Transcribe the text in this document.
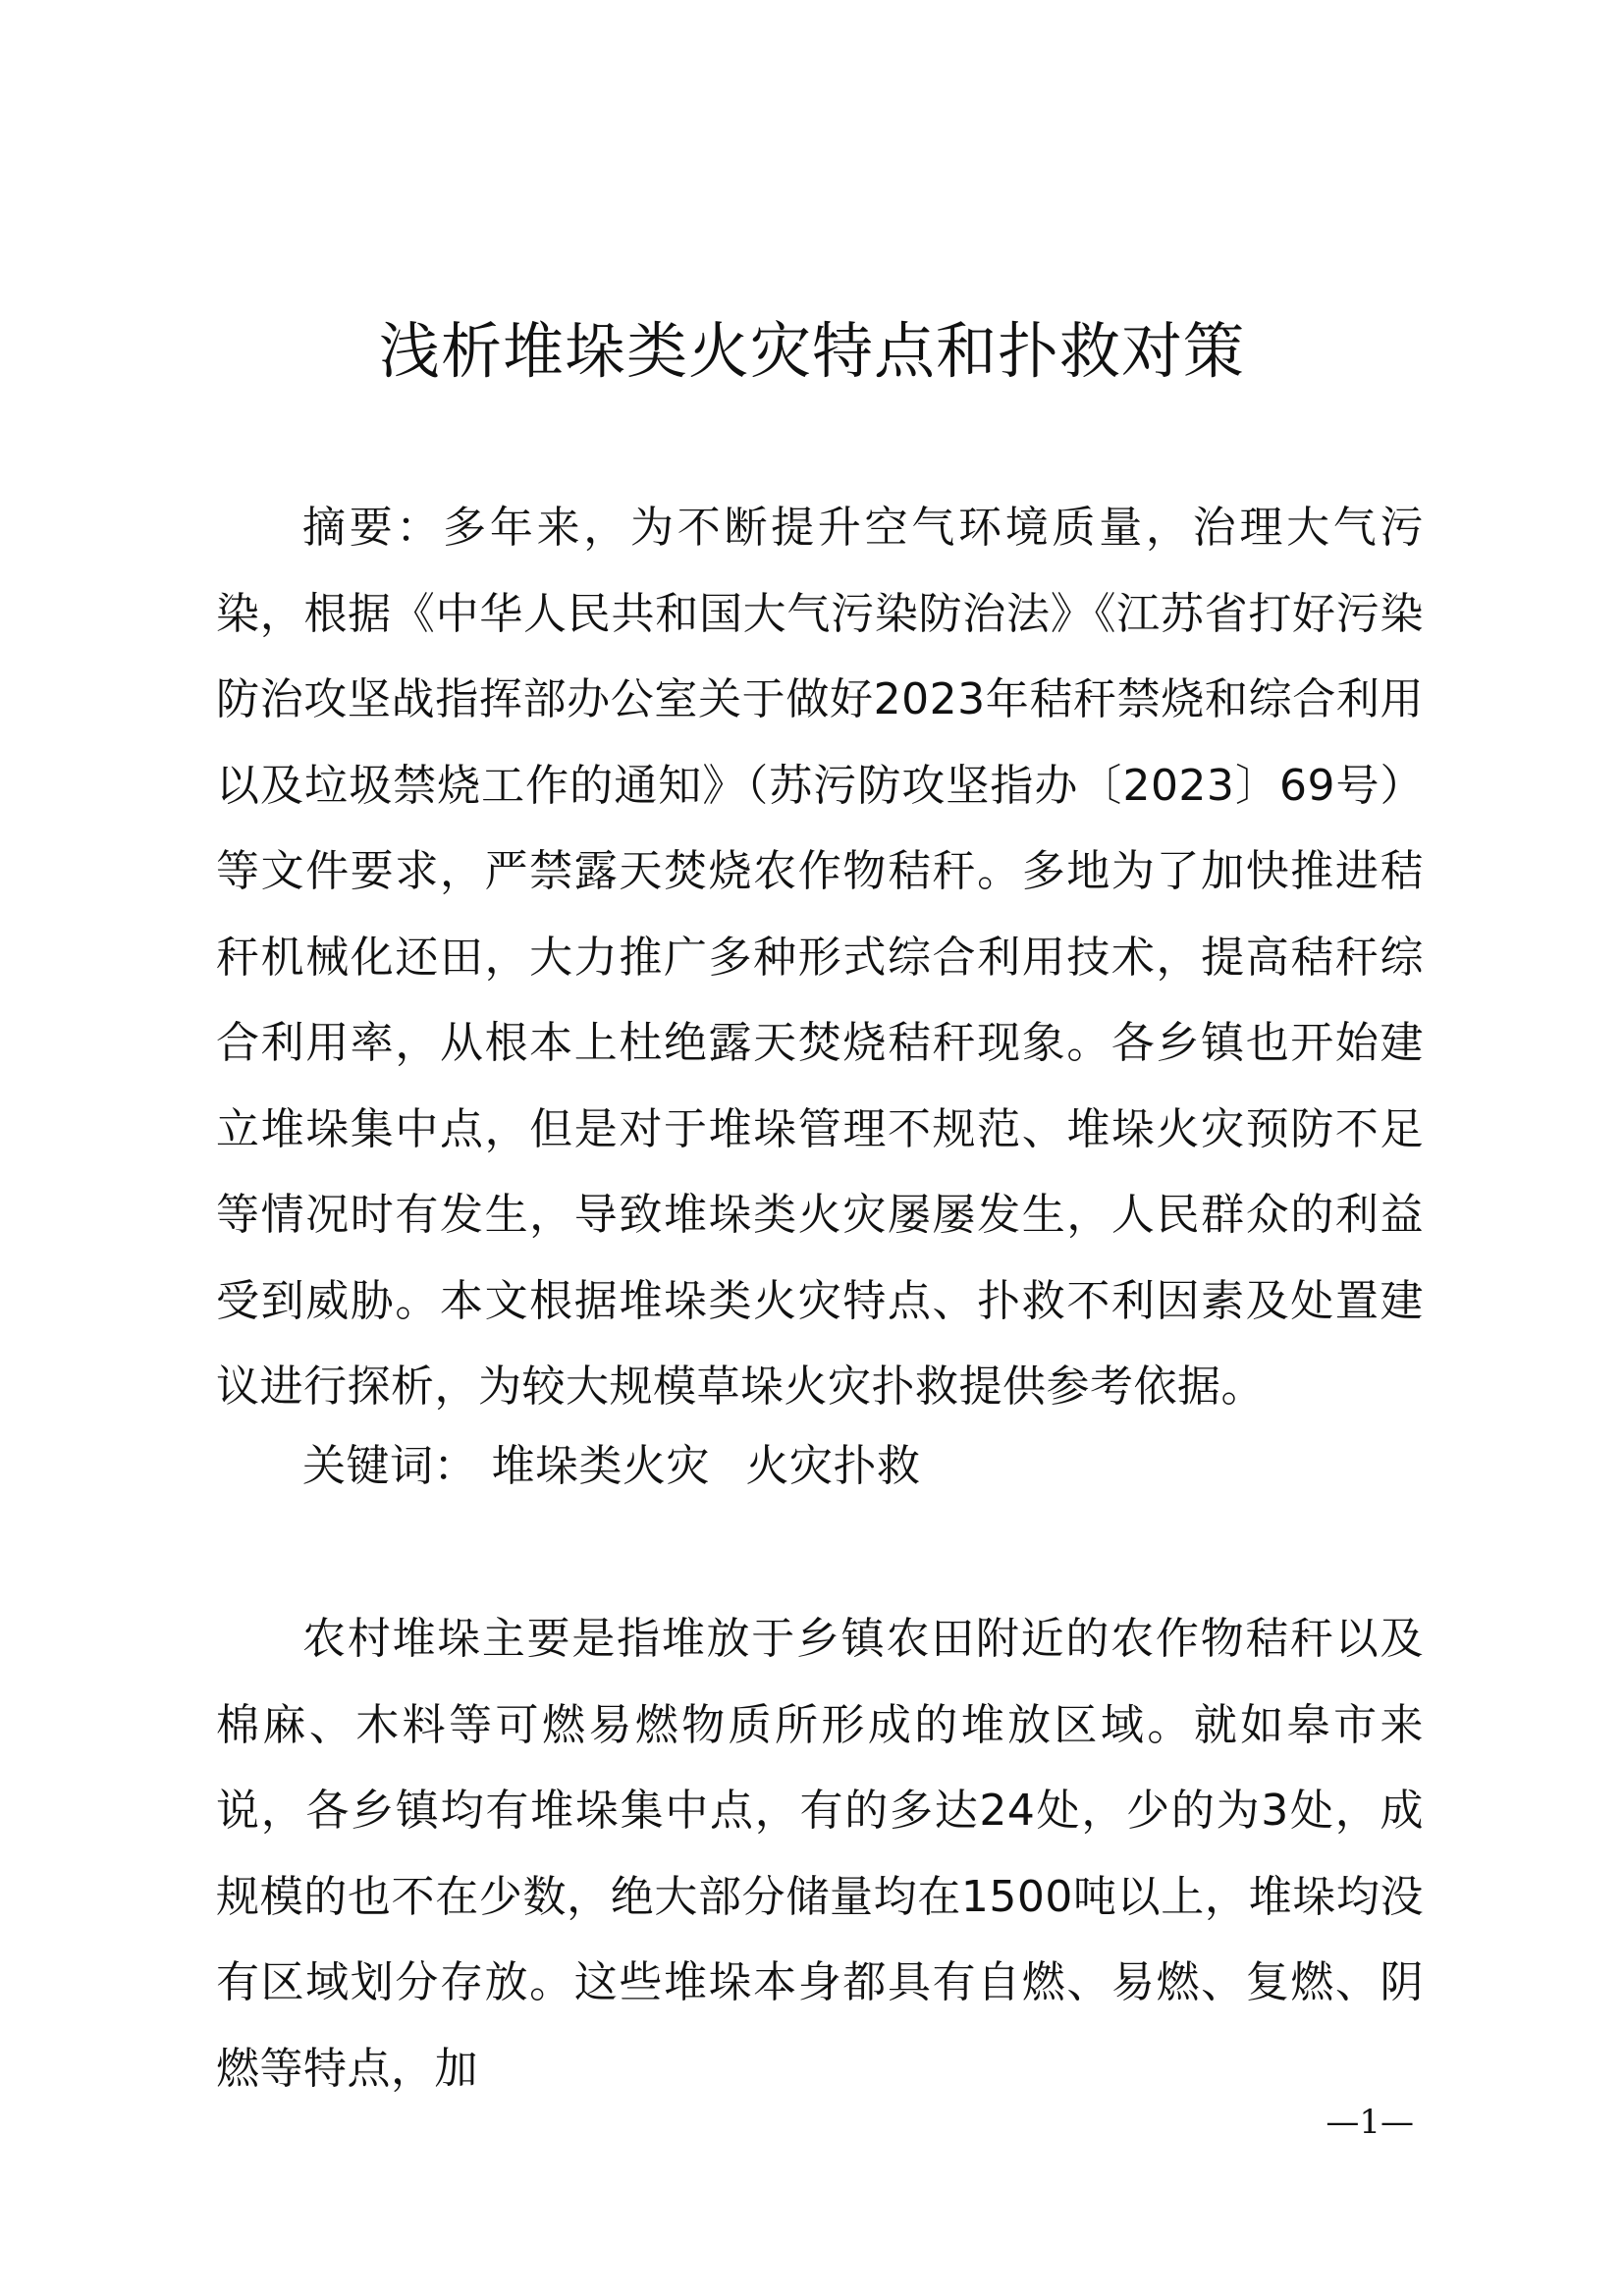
浅析堆垛类火灾特点和扑救对策

摘要：多年来，为不断提升空气环境质量，治理大气污染，根据《中华人民共和国大气污染防治法》《江苏省打好污染防治攻坚战指挥部办公室关于做好2023年秸秆禁烧和综合利用以及垃圾禁烧工作的通知》（苏污防攻坚指办〔2023〕69号）等文件要求，严禁露天焚烧农作物秸秆。多地为了加快推进秸秆机械化还田，大力推广多种形式综合利用技术，提高秸秆综合利用率，从根本上杜绝露天焚烧秸秆现象。各乡镇也开始建立堆垛集中点，但是对于堆垛管理不规范、堆垛火灾预防不足等情况时有发生，导致堆垛类火灾屡屡发生，人民群众的利益受到威胁。本文根据堆垛类火灾特点、扑救不利因素及处置建议进行探析，为较大规模草垛火灾扑救提供参考依据。

关键词： 堆垛类火灾 火灾扑救

农村堆垛主要是指堆放于乡镇农田附近的农作物秸秆以及棉麻、木料等可燃易燃物质所形成的堆放区域。就如皋市来说，各乡镇均有堆垛集中点，有的多达24处，少的为3处，成规模的也不在少数，绝大部分储量均在1500吨以上，堆垛均没有区域划分存放。这些堆垛本身都具有自燃、易燃、复燃、阴燃等特点，加

—1—
